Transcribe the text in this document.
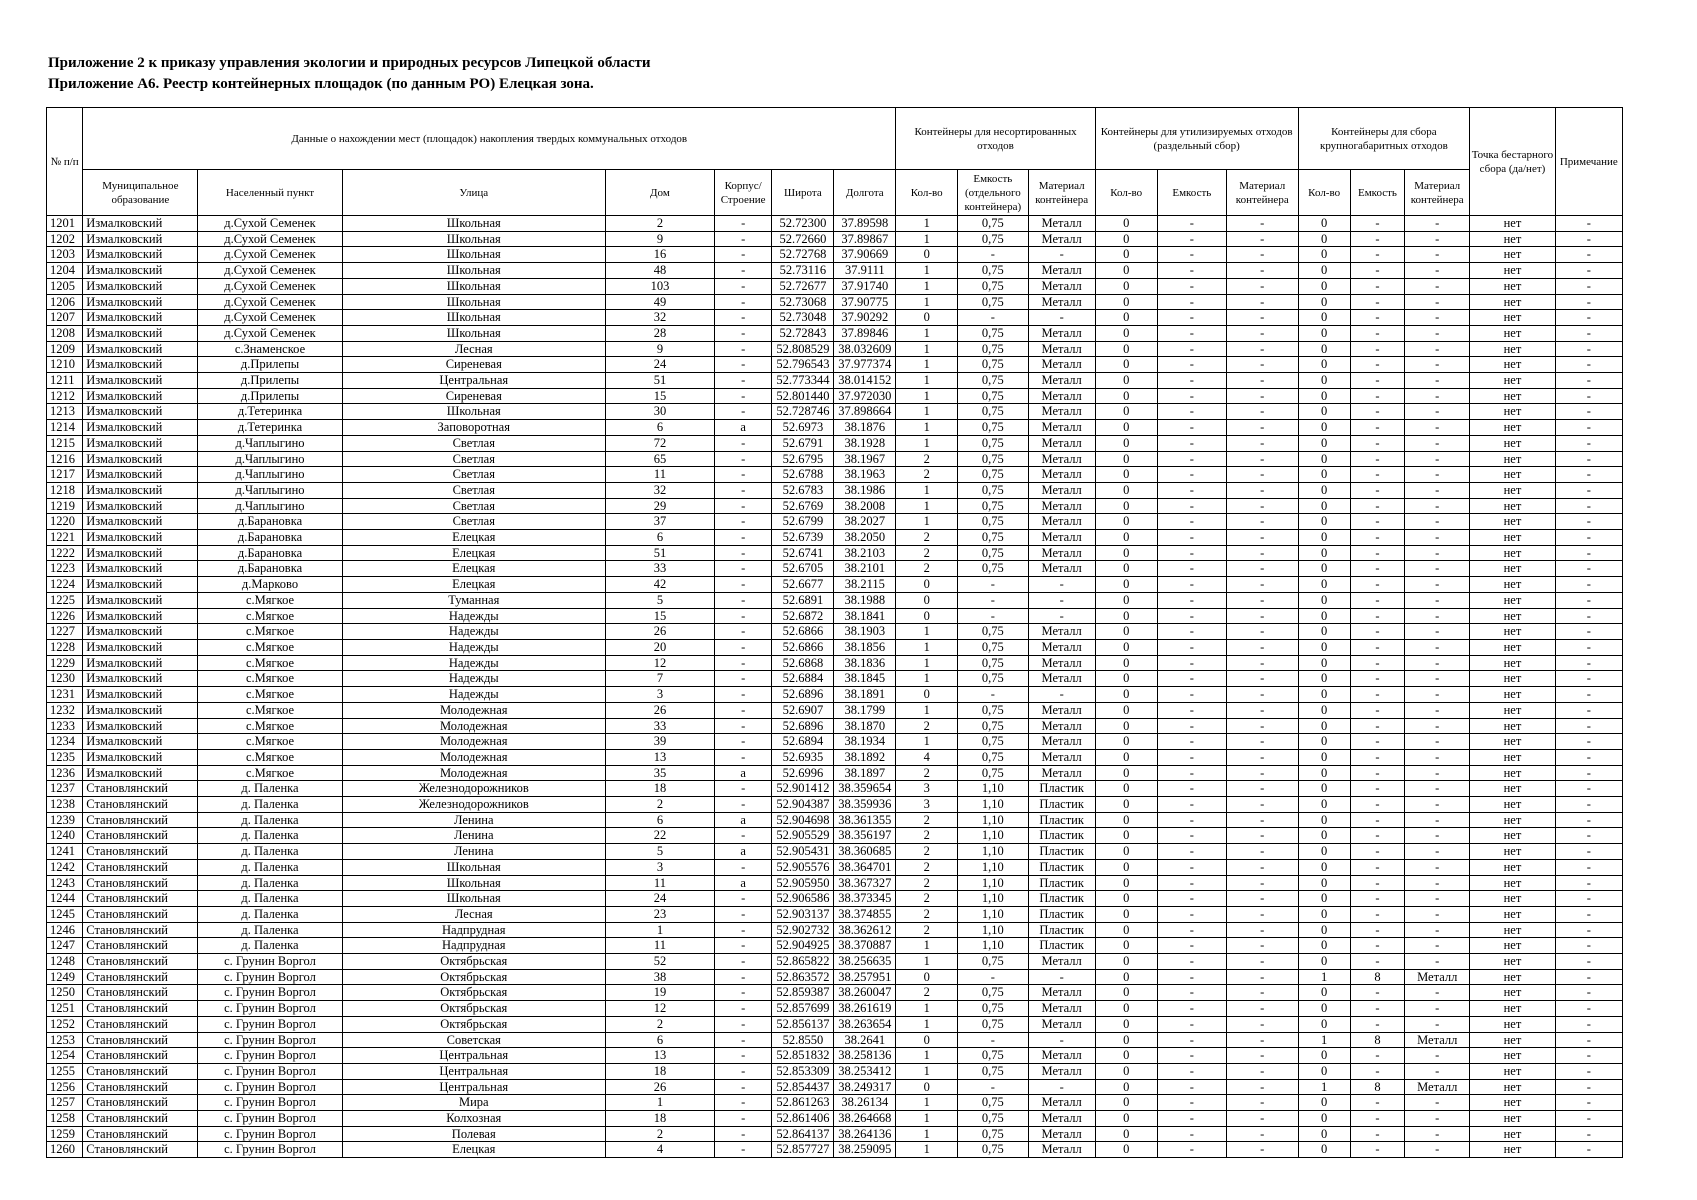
Приложение 2 к приказу управления экологии и природных ресурсов Липецкой области
Приложение А6. Реестр контейнерных площадок (по данным РО) Елецкая зона.
№ п/п	Данные о нахождении мест (площадок) накопления твердых коммунальных отходов							Контейнеры для несортированных отходов			Контейнеры для утилизируемых отходов (раздельный сбор)			Контейнеры для сбора крупногабаритных отходов			Точка бестарного сбора (да/нет)	Примечание
	Муниципальное образование	Населенный пункт	Улица	Дом	Корпус/ Строение	Широта	Долгота	Кол-во	Емкость (отдельного контейнера)	Материал контейнера	Кол-во	Емкость	Материал контейнера	Кол-во	Емкость	Материал контейнера		
1201	Измалковский	д.Сухой Семенек	Школьная	2	-	52.72300	37.89598	1	0,75	Металл	0	-	-	0	-	-	нет	-
1202	Измалковский	д.Сухой Семенек	Школьная	9	-	52.72660	37.89867	1	0,75	Металл	0	-	-	0	-	-	нет	-
1203	Измалковский	д.Сухой Семенек	Школьная	16	-	52.72768	37.90669	0	-	-	0	-	-	0	-	-	нет	-
1204	Измалковский	д.Сухой Семенек	Школьная	48	-	52.73116	37.9111	1	0,75	Металл	0	-	-	0	-	-	нет	-
1205	Измалковский	д.Сухой Семенек	Школьная	103	-	52.72677	37.91740	1	0,75	Металл	0	-	-	0	-	-	нет	-
1206	Измалковский	д.Сухой Семенек	Школьная	49	-	52.73068	37.90775	1	0,75	Металл	0	-	-	0	-	-	нет	-
1207	Измалковский	д.Сухой Семенек	Школьная	32	-	52.73048	37.90292	0	-	-	0	-	-	0	-	-	нет	-
1208	Измалковский	д.Сухой Семенек	Школьная	28	-	52.72843	37.89846	1	0,75	Металл	0	-	-	0	-	-	нет	-
1209	Измалковский	с.Знаменское	Лесная	9	-	52.808529	38.032609	1	0,75	Металл	0	-	-	0	-	-	нет	-
1210	Измалковский	д.Прилепы	Сиреневая	24	-	52.796543	37.977374	1	0,75	Металл	0	-	-	0	-	-	нет	-
1211	Измалковский	д.Прилепы	Центральная	51	-	52.773344	38.014152	1	0,75	Металл	0	-	-	0	-	-	нет	-
1212	Измалковский	д.Прилепы	Сиреневая	15	-	52.801440	37.972030	1	0,75	Металл	0	-	-	0	-	-	нет	-
1213	Измалковский	д.Тетеринка	Школьная	30	-	52.728746	37.898664	1	0,75	Металл	0	-	-	0	-	-	нет	-
1214	Измалковский	д.Тетеринка	Заповоротная	6	а	52.6973	38.1876	1	0,75	Металл	0	-	-	0	-	-	нет	-
1215	Измалковский	д.Чаплыгино	Светлая	72	-	52.6791	38.1928	1	0,75	Металл	0	-	-	0	-	-	нет	-
1216	Измалковский	д.Чаплыгино	Светлая	65	-	52.6795	38.1967	2	0,75	Металл	0	-	-	0	-	-	нет	-
1217	Измалковский	д.Чаплыгино	Светлая	11	-	52.6788	38.1963	2	0,75	Металл	0	-	-	0	-	-	нет	-
1218	Измалковский	д.Чаплыгино	Светлая	32	-	52.6783	38.1986	1	0,75	Металл	0	-	-	0	-	-	нет	-
1219	Измалковский	д.Чаплыгино	Светлая	29	-	52.6769	38.2008	1	0,75	Металл	0	-	-	0	-	-	нет	-
1220	Измалковский	д.Барановка	Светлая	37	-	52.6799	38.2027	1	0,75	Металл	0	-	-	0	-	-	нет	-
1221	Измалковский	д.Барановка	Елецкая	6	-	52.6739	38.2050	2	0,75	Металл	0	-	-	0	-	-	нет	-
1222	Измалковский	д.Барановка	Елецкая	51	-	52.6741	38.2103	2	0,75	Металл	0	-	-	0	-	-	нет	-
1223	Измалковский	д.Барановка	Елецкая	33	-	52.6705	38.2101	2	0,75	Металл	0	-	-	0	-	-	нет	-
1224	Измалковский	д.Марково	Елецкая	42	-	52.6677	38.2115	0	-	-	0	-	-	0	-	-	нет	-
1225	Измалковский	с.Мягкое	Туманная	5	-	52.6891	38.1988	0	-	-	0	-	-	0	-	-	нет	-
1226	Измалковский	с.Мягкое	Надежды	15	-	52.6872	38.1841	0	-	-	0	-	-	0	-	-	нет	-
1227	Измалковский	с.Мягкое	Надежды	26	-	52.6866	38.1903	1	0,75	Металл	0	-	-	0	-	-	нет	-
1228	Измалковский	с.Мягкое	Надежды	20	-	52.6866	38.1856	1	0,75	Металл	0	-	-	0	-	-	нет	-
1229	Измалковский	с.Мягкое	Надежды	12	-	52.6868	38.1836	1	0,75	Металл	0	-	-	0	-	-	нет	-
1230	Измалковский	с.Мягкое	Надежды	7	-	52.6884	38.1845	1	0,75	Металл	0	-	-	0	-	-	нет	-
1231	Измалковский	с.Мягкое	Надежды	3	-	52.6896	38.1891	0	-	-	0	-	-	0	-	-	нет	-
1232	Измалковский	с.Мягкое	Молодежная	26	-	52.6907	38.1799	1	0,75	Металл	0	-	-	0	-	-	нет	-
1233	Измалковский	с.Мягкое	Молодежная	33	-	52.6896	38.1870	2	0,75	Металл	0	-	-	0	-	-	нет	-
1234	Измалковский	с.Мягкое	Молодежная	39	-	52.6894	38.1934	1	0,75	Металл	0	-	-	0	-	-	нет	-
1235	Измалковский	с.Мягкое	Молодежная	13	-	52.6935	38.1892	4	0,75	Металл	0	-	-	0	-	-	нет	-
1236	Измалковский	с.Мягкое	Молодежная	35	а	52.6996	38.1897	2	0,75	Металл	0	-	-	0	-	-	нет	-
1237	Становлянский	д. Паленка	Железнодорожников	18	-	52.901412	38.359654	3	1,10	Пластик	0	-	-	0	-	-	нет	-
1238	Становлянский	д. Паленка	Железнодорожников	2	-	52.904387	38.359936	3	1,10	Пластик	0	-	-	0	-	-	нет	-
1239	Становлянский	д. Паленка	Ленина	6	а	52.904698	38.361355	2	1,10	Пластик	0	-	-	0	-	-	нет	-
1240	Становлянский	д. Паленка	Ленина	22	-	52.905529	38.356197	2	1,10	Пластик	0	-	-	0	-	-	нет	-
1241	Становлянский	д. Паленка	Ленина	5	а	52.905431	38.360685	2	1,10	Пластик	0	-	-	0	-	-	нет	-
1242	Становлянский	д. Паленка	Школьная	3	-	52.905576	38.364701	2	1,10	Пластик	0	-	-	0	-	-	нет	-
1243	Становлянский	д. Паленка	Школьная	11	а	52.905950	38.367327	2	1,10	Пластик	0	-	-	0	-	-	нет	-
1244	Становлянский	д. Паленка	Школьная	24	-	52.906586	38.373345	2	1,10	Пластик	0	-	-	0	-	-	нет	-
1245	Становлянский	д. Паленка	Лесная	23	-	52.903137	38.374855	2	1,10	Пластик	0	-	-	0	-	-	нет	-
1246	Становлянский	д. Паленка	Надпрудная	1	-	52.902732	38.362612	2	1,10	Пластик	0	-	-	0	-	-	нет	-
1247	Становлянский	д. Паленка	Надпрудная	11	-	52.904925	38.370887	1	1,10	Пластик	0	-	-	0	-	-	нет	-
1248	Становлянский	с. Грунин Воргол	Октябрьская	52	-	52.865822	38.256635	1	0,75	Металл	0	-	-	0	-	-	нет	-
1249	Становлянский	с. Грунин Воргол	Октябрьская	38	-	52.863572	38.257951	0	-	-	0	-	-	1	8	Металл	нет	-
1250	Становлянский	с. Грунин Воргол	Октябрьская	19	-	52.859387	38.260047	2	0,75	Металл	0	-	-	0	-	-	нет	-
1251	Становлянский	с. Грунин Воргол	Октябрьская	12	-	52.857699	38.261619	1	0,75	Металл	0	-	-	0	-	-	нет	-
1252	Становлянский	с. Грунин Воргол	Октябрьская	2	-	52.856137	38.263654	1	0,75	Металл	0	-	-	0	-	-	нет	-
1253	Становлянский	с. Грунин Воргол	Советская	6	-	52.8550	38.2641	0	-	-	0	-	-	1	8	Металл	нет	-
1254	Становлянский	с. Грунин Воргол	Центральная	13	-	52.851832	38.258136	1	0,75	Металл	0	-	-	0	-	-	нет	-
1255	Становлянский	с. Грунин Воргол	Центральная	18	-	52.853309	38.253412	1	0,75	Металл	0	-	-	0	-	-	нет	-
1256	Становлянский	с. Грунин Воргол	Центральная	26	-	52.854437	38.249317	0	-	-	0	-	-	1	8	Металл	нет	-
1257	Становлянский	с. Грунин Воргол	Мира	1	-	52.861263	38.26134	1	0,75	Металл	0	-	-	0	-	-	нет	-
1258	Становлянский	с. Грунин Воргол	Колхозная	18	-	52.861406	38.264668	1	0,75	Металл	0	-	-	0	-	-	нет	-
1259	Становлянский	с. Грунин Воргол	Полевая	2	-	52.864137	38.264136	1	0,75	Металл	0	-	-	0	-	-	нет	-
1260	Становлянский	с. Грунин Воргол	Елецкая	4	-	52.857727	38.259095	1	0,75	Металл	0	-	-	0	-	-	нет	-
